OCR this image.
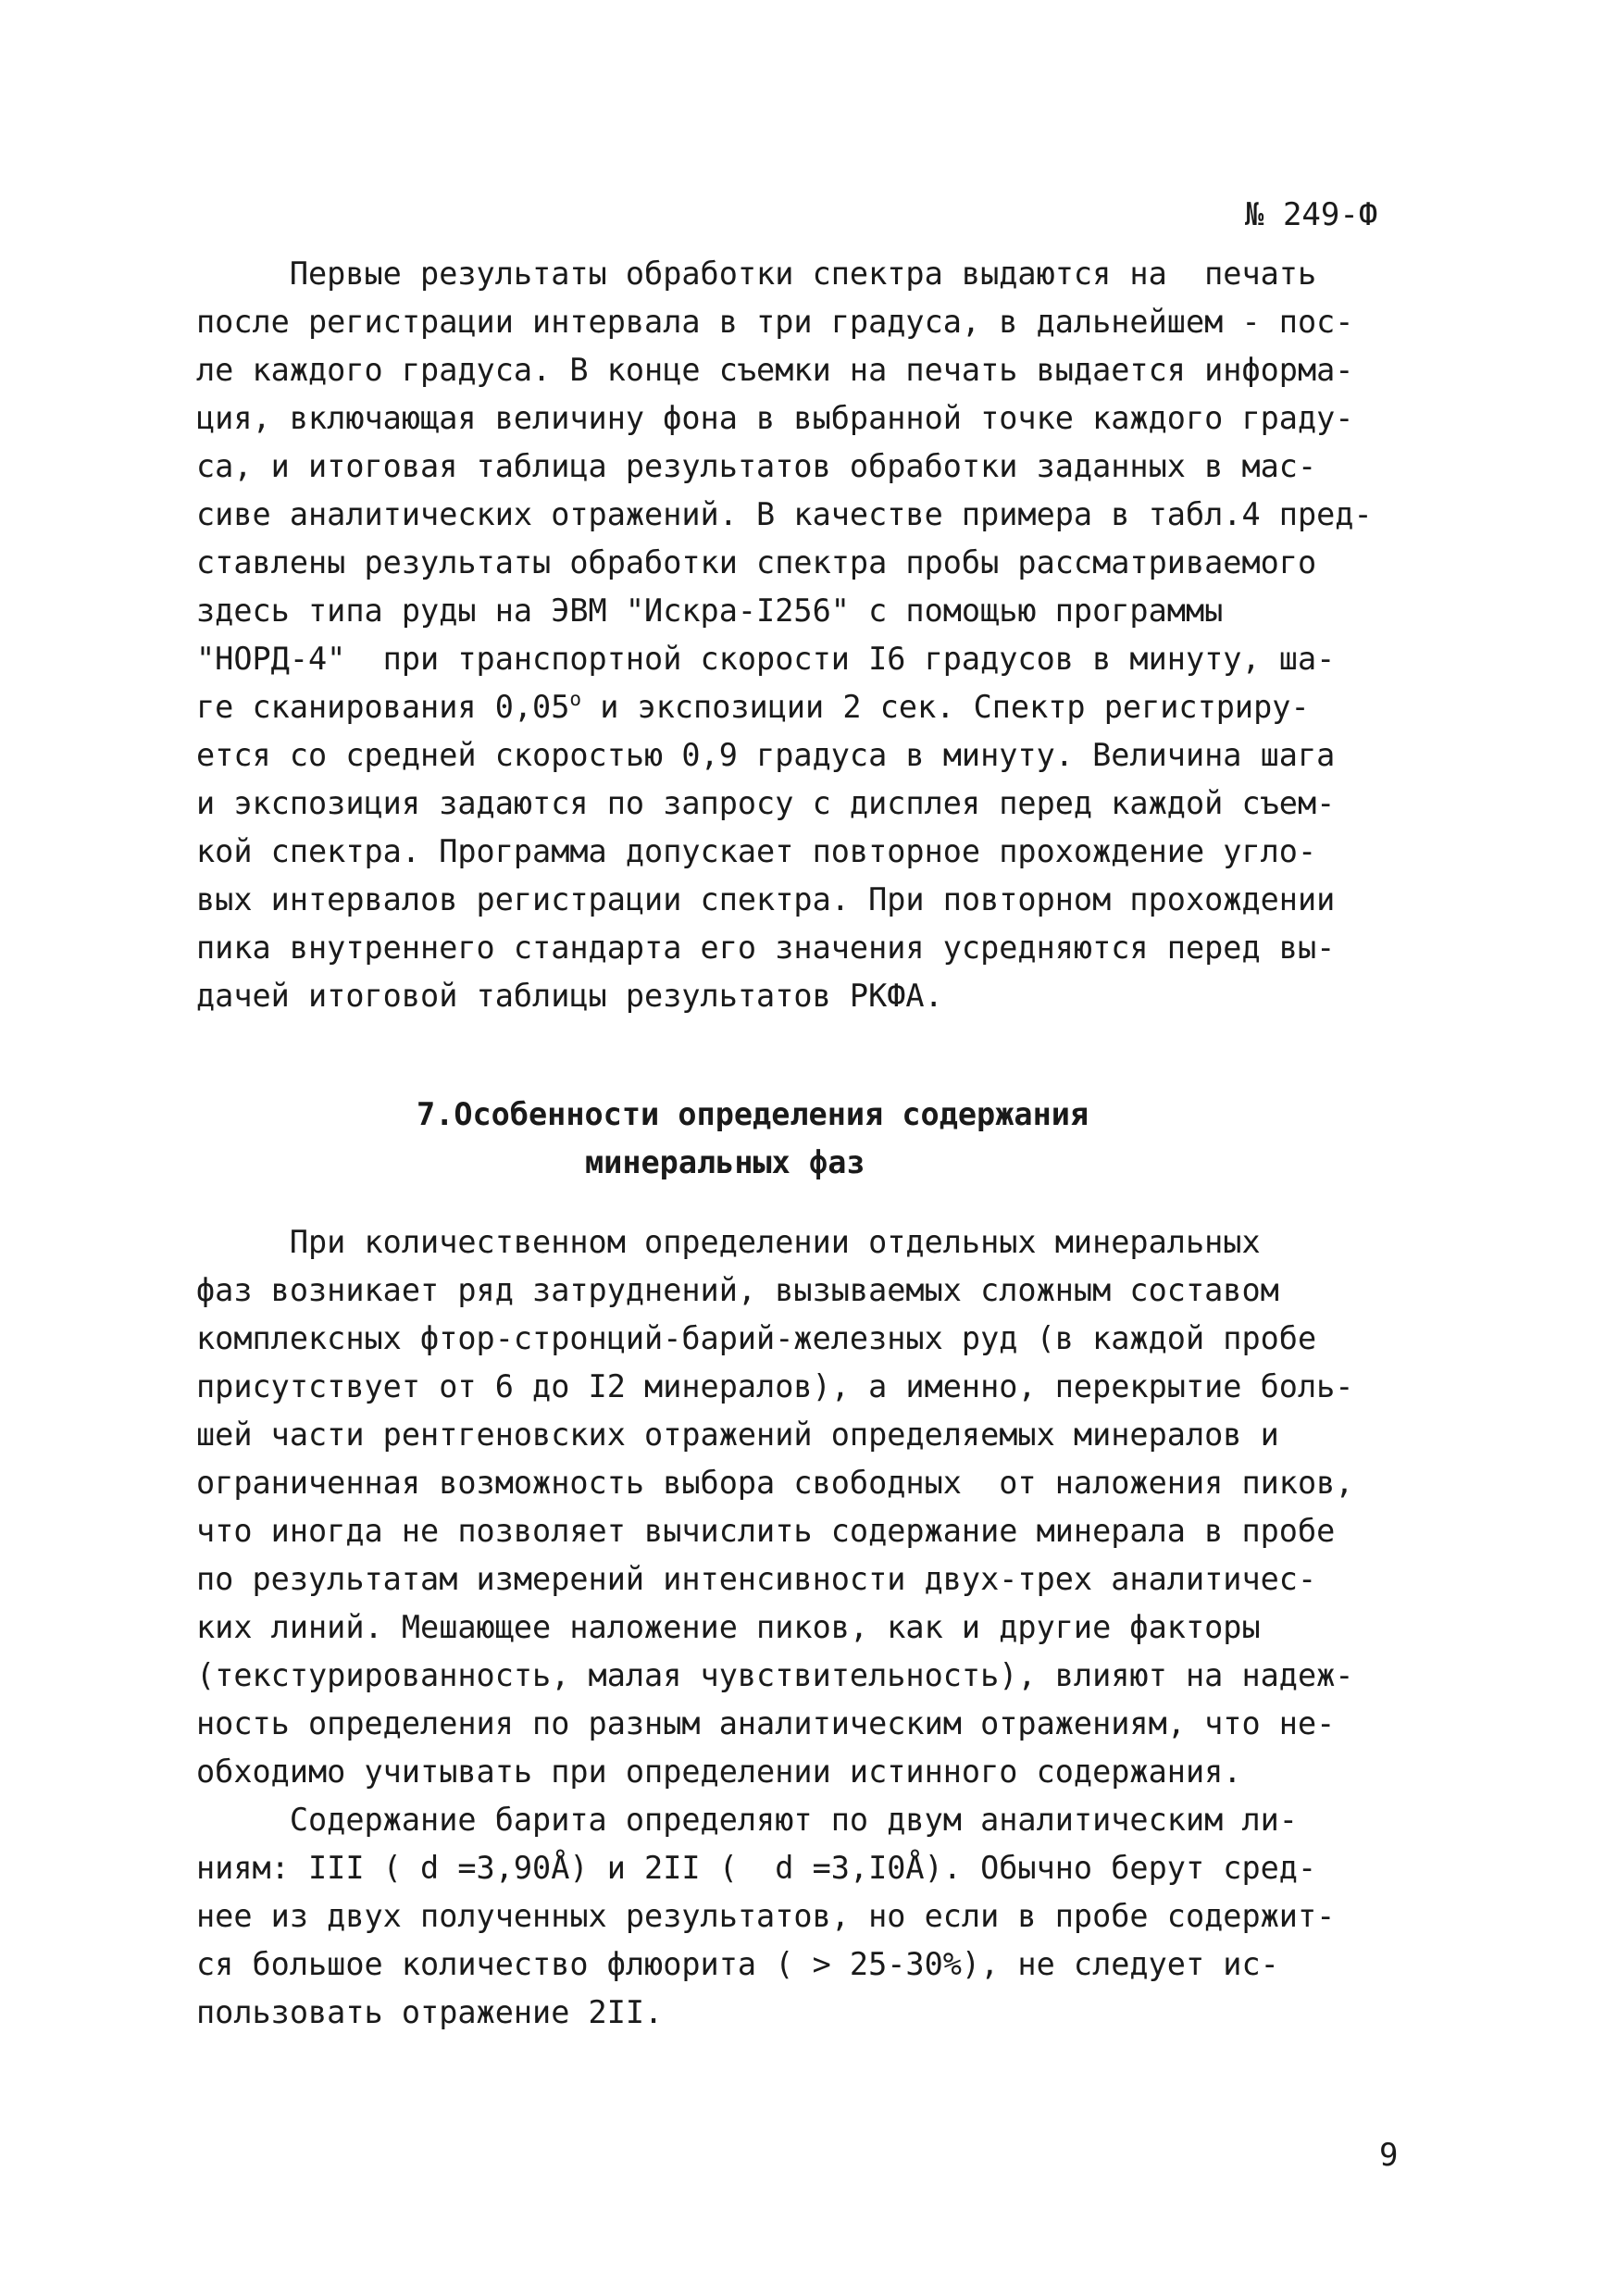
№ 249-Ф
Первые результаты обработки спектра выдаются на  печать
после регистрации интервала в три градуса, в дальнейшем - пос-
ле каждого градуса. В конце съемки на печать выдается информа-
ция, включающая величину фона в выбранной точке каждого граду-
са, и итоговая таблица результатов обработки заданных в мас-
сиве аналитических отражений. В качестве примера в табл.4 пред-
ставлены результаты обработки спектра пробы рассматриваемого
здесь типа руды на ЭВМ "Искра-I256" с помощью программы
"НОРД-4"  при транспортной скорости I6 градусов в минуту, ша-
ге сканирования $0,05^о$ и экспозиции 2 сек. Спектр регистриру-
ется со средней скоростью 0,9 градуса в минуту. Величина шага
и экспозиция задаются по запросу с дисплея перед каждой съем-
кой спектра. Программа допускает повторное прохождение угло-
вых интервалов регистрации спектра. При повторном прохождении
пика внутреннего стандарта его значения усредняются перед вы-
дачей итоговой таблицы результатов РКФА.
7.Особенности определения содержания
минеральных фаз
При количественном определении отдельных минеральных
фаз возникает ряд затруднений, вызываемых сложным составом
комплексных фтор-стронций-барий-железных руд (в каждой пробе
присутствует от 6 до I2 минералов), а именно, перекрытие боль-
шей части рентгеновских отражений определяемых минералов и
ограниченная возможность выбора свободных  от наложения пиков,
что иногда не позволяет вычислить содержание минерала в пробе
по результатам измерений интенсивности двух-трех аналитичес-
ких линий. Мешающее наложение пиков, как и другие факторы
(текстурированность, малая чувствительность), влияют на надеж-
ность определения по разным аналитическим отражениям, что не-
обходимо учитывать при определении истинного содержания.
Содержание барита определяют по двум аналитическим ли-
ниям: III ( d =3,90Å) и 2II (  d =3,I0Å). Обычно берут сред-
нее из двух полученных результатов, но если в пробе содержит-
ся большое количество флюорита ( > 25-30%), не следует ис-
пользовать отражение 2II.
9
